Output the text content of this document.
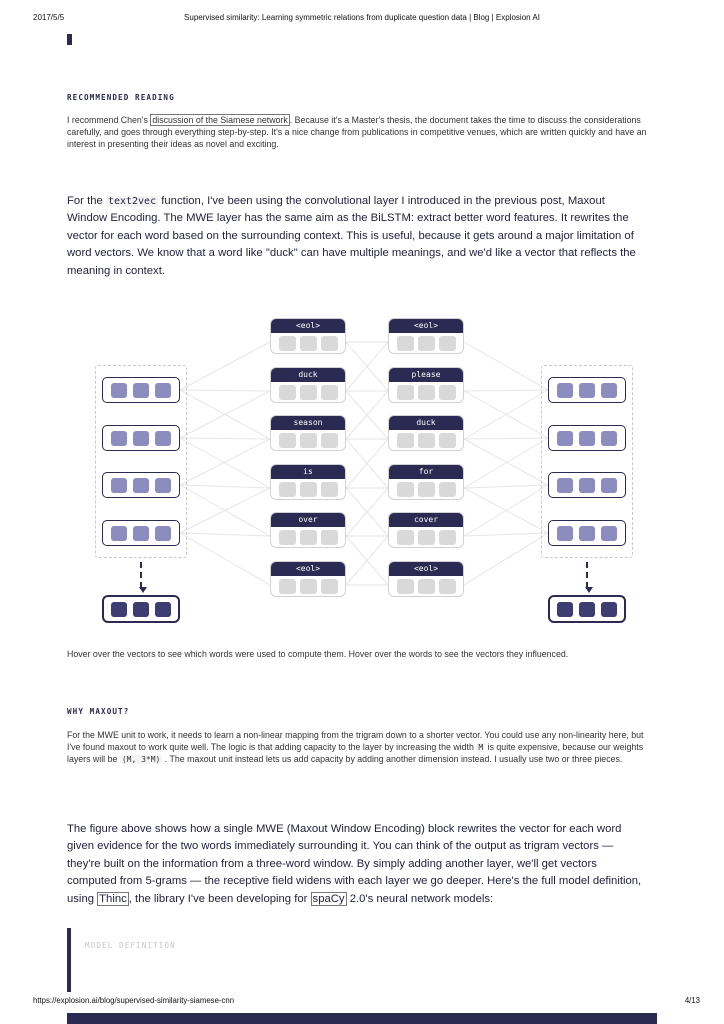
2017/5/5	Supervised similarity: Learning symmetric relations from duplicate question data | Blog | Explosion AI
RECOMMENDED READING

I recommend Chen's discussion of the Siamese network . Because it's a Master's thesis, the document takes the time to discuss the considerations carefully, and goes through everything step-by-step. It's a nice change from publications in competitive venues, which are written quickly and have an interest in presenting their ideas as novel and exciting.

For the text2vec function, I've been using the convolutional layer I introduced in the previous post, Maxout Window Encoding. The MWE layer has the same aim as the BiLSTM: extract better word features. It rewrites the vector for each word based on the surrounding context. This is useful, because it gets around a major limitation of word vectors. We know that a word like "duck" can have multiple meanings, and we'd like a vector that reflects the meaning in context.

<eol>
duck
season
is
over
<eol>
<eol>
please
duck
for
cover
<eol>

Hover over the vectors to see which words were used to compute them. Hover over the words to see the vectors they influenced.

WHY MAXOUT?

For the MWE unit to work, it needs to learn a non-linear mapping from the trigram down to a shorter vector. You could use any non-linearity here, but I've found maxout to work quite well. The logic is that adding capacity to the layer by increasing the width M is quite expensive, because our weights layers will be (M, 3*M) . The maxout unit instead lets us add capacity by adding another dimension instead. I usually use two or three pieces.

The figure above shows how a single MWE (Maxout Window Encoding) block rewrites the vector for each word given evidence for the two words immediately surrounding it. You can think of the output as trigram vectors — they're built on the information from a three-word window. By simply adding another layer, we'll get vectors computed from 5-grams — the receptive field widens with each layer we go deeper. Here's the full model definition, using Thinc , the library I've been developing for spaCy 2.0's neural network models:

MODEL DEFINITION
https://explosion.ai/blog/supervised-similarity-siamese-cnn	4/13
